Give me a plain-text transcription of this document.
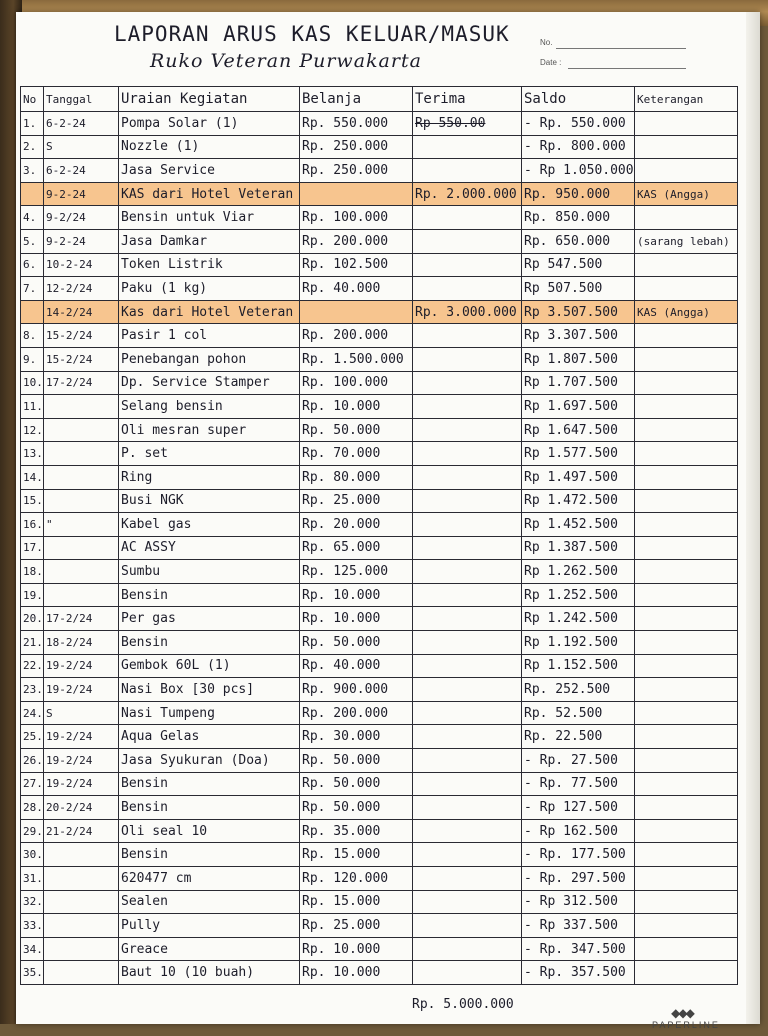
LAPORAN ARUS KAS KELUAR/MASUK
Ruko Veteran Purwakarta
No.
Date :
No	Tanggal	Uraian Kegiatan	Belanja	Terima	Saldo	Keterangan
1.	6-2-24	Pompa Solar (1)	Rp. 550.000	Rp 550.00	- Rp. 550.000	
2.	S	Nozzle (1)	Rp. 250.000		- Rp. 800.000	
3.	6-2-24	Jasa Service	Rp. 250.000		- Rp 1.050.000	
	9-2-24	KAS dari Hotel Veteran		Rp. 2.000.000	Rp. 950.000	KAS (Angga)
4.	9-2/24	Bensin untuk Viar	Rp. 100.000		Rp. 850.000	
5.	9-2-24	Jasa Damkar	Rp. 200.000		Rp. 650.000	(sarang lebah)
6.	10-2-24	Token Listrik	Rp. 102.500		Rp 547.500	
7.	12-2/24	Paku (1 kg)	Rp. 40.000		Rp 507.500	
	14-2/24	Kas dari Hotel Veteran		Rp. 3.000.000	Rp 3.507.500	KAS (Angga)
8.	15-2/24	Pasir 1 col	Rp. 200.000		Rp 3.307.500	
9.	15-2/24	Penebangan pohon	Rp. 1.500.000		Rp 1.807.500	
10.	17-2/24	Dp. Service Stamper	Rp. 100.000		Rp 1.707.500	
11.		Selang bensin	Rp. 10.000		Rp 1.697.500	
12.		Oli mesran super	Rp. 50.000		Rp 1.647.500	
13.		P. set	Rp. 70.000		Rp 1.577.500	
14.		Ring	Rp. 80.000		Rp 1.497.500	
15.		Busi NGK	Rp. 25.000		Rp 1.472.500	
16.	"	Kabel gas	Rp. 20.000		Rp 1.452.500	
17.		AC ASSY	Rp. 65.000		Rp 1.387.500	
18.		Sumbu	Rp. 125.000		Rp 1.262.500	
19.		Bensin	Rp. 10.000		Rp 1.252.500	
20.	17-2/24	Per gas	Rp. 10.000		Rp 1.242.500	
21.	18-2/24	Bensin	Rp. 50.000		Rp 1.192.500	
22.	19-2/24	Gembok 60L (1)	Rp. 40.000		Rp 1.152.500	
23.	19-2/24	Nasi Box [30 pcs]	Rp. 900.000		Rp. 252.500	
24.	S	Nasi Tumpeng	Rp. 200.000		Rp. 52.500	
25.	19-2/24	Aqua Gelas	Rp. 30.000		Rp. 22.500	
26.	19-2/24	Jasa Syukuran (Doa)	Rp. 50.000		- Rp. 27.500	
27.	19-2/24	Bensin	Rp. 50.000		- Rp. 77.500	
28.	20-2/24	Bensin	Rp. 50.000		- Rp 127.500	
29.	21-2/24	Oli seal 10	Rp. 35.000		- Rp 162.500	
30.		Bensin	Rp. 15.000		- Rp. 177.500	
31.		620477 cm	Rp. 120.000		- Rp. 297.500	
32.		Sealen	Rp. 15.000		- Rp 312.500	
33.		Pully	Rp. 25.000		- Rp 337.500	
34.		Greace	Rp. 10.000		- Rp. 347.500	
35.		Baut 10 (10 buah)	Rp. 10.000		- Rp. 357.500	
Rp. 5.000.000
◆◆◆
PAPERLINE
